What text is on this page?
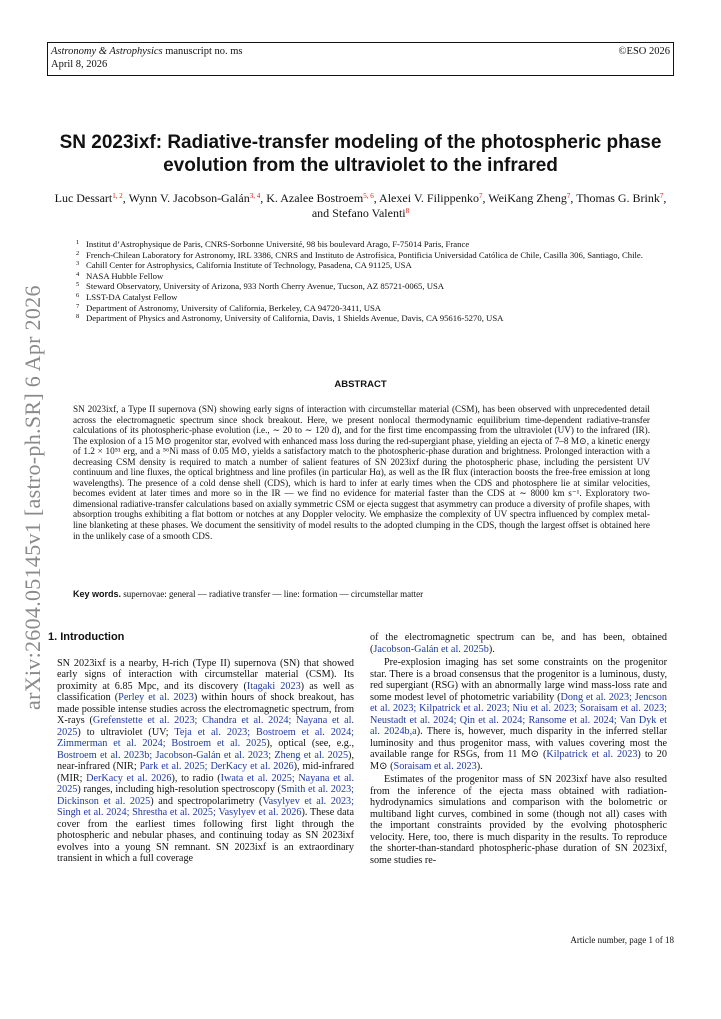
Astronomy & Astrophysics manuscript no. ms
April 8, 2026
©ESO 2026
arXiv:2604.05145v1 [astro-ph.SR] 6 Apr 2026
SN 2023ixf: Radiative-transfer modeling of the photospheric phase evolution from the ultraviolet to the infrared
Luc Dessart$^{1, 2}$, Wynn V. Jacobson-Galán$^{3, 4}$, K. Azalee Bostroem$^{5, 6}$, Alexei V. Filippenko$^7$, WeiKang Zheng$^7$, Thomas G. Brink$^7$, and Stefano Valenti$^8$
1 Institut d’Astrophysique de Paris, CNRS-Sorbonne Université, 98 bis boulevard Arago, F-75014 Paris, France
2 French-Chilean Laboratory for Astronomy, IRL 3386, CNRS and Instituto de Astrofísica, Pontificia Universidad Católica de Chile, Casilla 306, Santiago, Chile.
3 Cahill Center for Astrophysics, California Institute of Technology, Pasadena, CA 91125, USA
4 NASA Hubble Fellow
5 Steward Observatory, University of Arizona, 933 North Cherry Avenue, Tucson, AZ 85721-0065, USA
6 LSST-DA Catalyst Fellow
7 Department of Astronomy, University of California, Berkeley, CA 94720-3411, USA
8 Department of Physics and Astronomy, University of California, Davis, 1 Shields Avenue, Davis, CA 95616-5270, USA
ABSTRACT
SN 2023ixf, a Type II supernova (SN) showing early signs of interaction with circumstellar material (CSM), has been observed with unprecedented detail across the electromagnetic spectrum since shock breakout. Here, we present nonlocal thermodynamic equilibrium time-dependent radiative-transfer calculations of its photospheric-phase evolution (i.e., ∼ 20 to ∼ 120 d), and for the first time encompassing from the ultraviolet (UV) to the infrared (IR). The explosion of a 15 M⊙ progenitor star, evolved with enhanced mass loss during the red-supergiant phase, yielding an ejecta of 7–8 M⊙, a kinetic energy of 1.2 × 10⁵¹ erg, and a ⁵⁶Ni mass of 0.05 M⊙, yields a satisfactory match to the photospheric-phase duration and brightness. Prolonged interaction with a decreasing CSM density is required to match a number of salient features of SN 2023ixf during the photospheric phase, including the persistent UV continuum and line fluxes, the optical brightness and line profiles (in particular Hα), as well as the IR flux (interaction boosts the free-free emission at long wavelengths). The presence of a cold dense shell (CDS), which is hard to infer at early times when the CDS and photosphere lie at similar velocities, becomes evident at later times and more so in the IR — we find no evidence for material faster than the CDS at ∼ 8000 km s⁻¹. Exploratory two-dimensional radiative-transfer calculations based on axially symmetric CSM or ejecta suggest that asymmetry can produce a diversity of profile shapes, with absorption troughs exhibiting a flat bottom or notches at any Doppler velocity. We emphasize the complexity of UV spectra influenced by complex metal-line blanketing at these phases. We document the sensitivity of model results to the adopted clumping in the CDS, though the largest offset is obtained here in the unlikely case of a smooth CDS.
Key words. supernovae: general — radiative transfer — line: formation — circumstellar matter
1. Introduction

SN 2023ixf is a nearby, H-rich (Type II) supernova (SN) that showed early signs of interaction with circumstellar material (CSM). Its proximity at 6.85 Mpc, and its discovery (Itagaki 2023) as well as classification (Perley et al. 2023) within hours of shock breakout, has made possible intense studies across the electromagnetic spectrum, from X-rays (Grefenstette et al. 2023; Chandra et al. 2024; Nayana et al. 2025) to ultraviolet (UV; Teja et al. 2023; Bostroem et al. 2024; Zimmerman et al. 2024; Bostroem et al. 2025), optical (see, e.g., Bostroem et al. 2023b; Jacobson-Galán et al. 2023; Zheng et al. 2025), near-infrared (NIR; Park et al. 2025; DerKacy et al. 2026), mid-infrared (MIR; DerKacy et al. 2026), to radio (Iwata et al. 2025; Nayana et al. 2025) ranges, including high-resolution spectroscopy (Smith et al. 2023; Dickinson et al. 2025) and spectropolarimetry (Vasylyev et al. 2023; Singh et al. 2024; Shrestha et al. 2025; Vasylyev et al. 2026). These data cover from the earliest times following first light through the photospheric and nebular phases, and continuing today as SN 2023ixf evolves into a young SN remnant. SN 2023ixf is an extraordinary transient in which a full coverage

of the electromagnetic spectrum can be, and has been, obtained (Jacobson-Galán et al. 2025b).

Pre-explosion imaging has set some constraints on the progenitor star. There is a broad consensus that the progenitor is a luminous, dusty, red supergiant (RSG) with an abnormally large wind mass-loss rate and some modest level of photometric variability (Dong et al. 2023; Jencson et al. 2023; Kilpatrick et al. 2023; Niu et al. 2023; Soraisam et al. 2023; Neustadt et al. 2024; Qin et al. 2024; Ransome et al. 2024; Van Dyk et al. 2024b,a). There is, however, much disparity in the inferred stellar luminosity and thus progenitor mass, with values covering most the available range for RSGs, from 11 M⊙ (Kilpatrick et al. 2023) to 20 M⊙ (Soraisam et al. 2023).

Estimates of the progenitor mass of SN 2023ixf have also resulted from the inference of the ejecta mass obtained with radiation-hydrodynamics simulations and comparison with the bolometric or multiband light curves, combined in some (though not all) cases with the important constraints provided by the evolving photospheric velocity. Here, too, there is much disparity in the results. To reproduce the shorter-than-standard photospheric-phase duration of SN 2023ixf, some studies re-

Article number, page 1 of 18
